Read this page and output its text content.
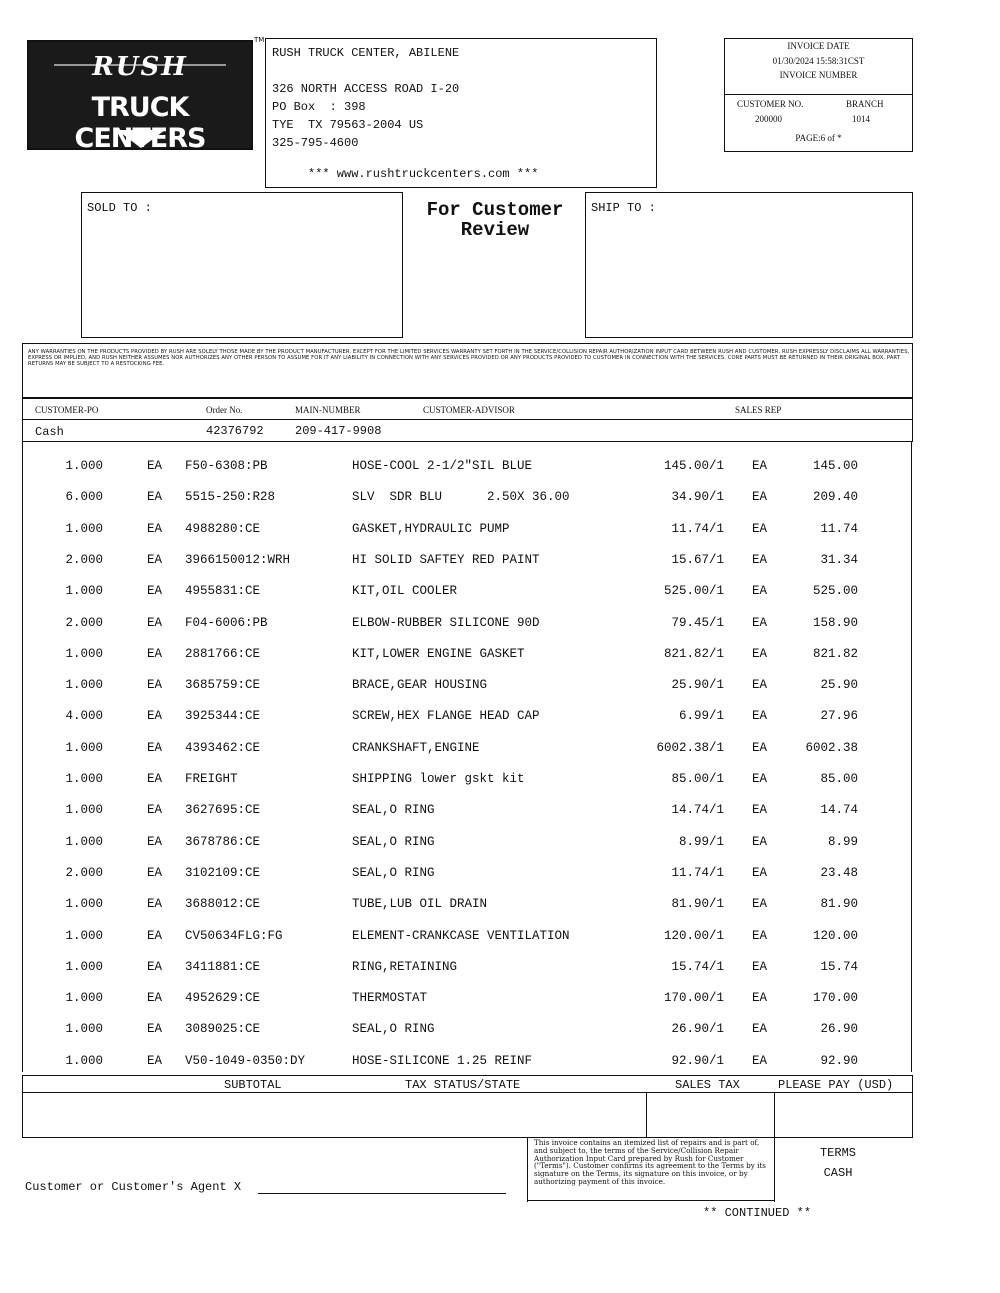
RUSH
TRUCK CENTERS
TM
RUSH TRUCK CENTER, ABILENE
326 NORTH ACCESS ROAD I-20
PO Box  : 398
TYE  TX 79563-2004 US
325-795-4600
*** www.rushtruckcenters.com ***
INVOICE DATE
01/30/2024 15:58:31CST
INVOICE NUMBER
CUSTOMER NO.	BRANCH
200000	1014
PAGE:6 of *
SOLD TO :	For Customer
Review
SHIP TO :
ANY WARRANTIES ON THE PRODUCTS PROVIDED BY RUSH ARE SOLELY THOSE MADE BY THE PRODUCT MANUFACTURER. EXCEPT FOR THE LIMITED SERVICES WARRANTY SET FORTH IN THE SERVICE/COLLISION REPAIR AUTHORIZATION INPUT CARD BETWEEN RUSH AND CUSTOMER, RUSH EXPRESSLY DISCLAIMS ALL WARRANTIES, EXPRESS OR IMPLIED, AND RUSH NEITHER ASSUMES NOR AUTHORIZES ANY OTHER PERSON TO ASSUME FOR IT ANY LIABILITY IN CONNECTION WITH ANY SERVICES PROVIDED OR ANY PRODUCTS PROVIDED TO CUSTOMER IN CONNECTION WITH THE SERVICES. CORE PARTS MUST BE RETURNED IN THEIR ORIGINAL BOX. PART RETURNS MAY BE SUBJECT TO A RESTOCKING FEE.
CUSTOMER-PO	Order No.	MAIN-NUMBER	CUSTOMER-ADVISOR	SALES REP
Cash	42376792	209-417-9908
1.000	EA F50-6308:PB	HOSE-COOL 2-1/2"SIL BLUE	145.00/1 EA	145.00
6.000	EA 5515-250:R28	SLV  SDR BLU      2.50X 36.00	34.90/1 EA	209.40
1.000	EA 4988280:CE	GASKET,HYDRAULIC PUMP	11.74/1 EA	11.74
2.000	EA 3966150012:WRH	HI SOLID SAFTEY RED PAINT	15.67/1 EA	31.34
1.000	EA 4955831:CE	KIT,OIL COOLER	525.00/1 EA	525.00
2.000	EA F04-6006:PB	ELBOW-RUBBER SILICONE 90D	79.45/1 EA	158.90
1.000	EA 2881766:CE	KIT,LOWER ENGINE GASKET	821.82/1 EA	821.82
1.000	EA 3685759:CE	BRACE,GEAR HOUSING	25.90/1 EA	25.90
4.000	EA 3925344:CE	SCREW,HEX FLANGE HEAD CAP	6.99/1 EA	27.96
1.000	EA 4393462:CE	CRANKSHAFT,ENGINE	6002.38/1 EA	6002.38
1.000	EA FREIGHT	SHIPPING lower gskt kit	85.00/1 EA	85.00
1.000	EA 3627695:CE	SEAL,O RING	14.74/1 EA	14.74
1.000	EA 3678786:CE	SEAL,O RING	8.99/1 EA	8.99
2.000	EA 3102109:CE	SEAL,O RING	11.74/1 EA	23.48
1.000	EA 3688012:CE	TUBE,LUB OIL DRAIN	81.90/1 EA	81.90
1.000	EA CV50634FLG:FG	ELEMENT-CRANKCASE VENTILATION	120.00/1 EA	120.00
1.000	EA 3411881:CE	RING,RETAINING	15.74/1 EA	15.74
1.000	EA 4952629:CE	THERMOSTAT	170.00/1 EA	170.00
1.000	EA 3089025:CE	SEAL,O RING	26.90/1 EA	26.90
1.000	EA V50-1049-0350:DY	HOSE-SILICONE 1.25 REINF	92.90/1 EA	92.90
SUBTOTAL	TAX STATUS/STATE	SALES TAX	PLEASE PAY (USD)
This invoice contains an itemized list of repairs and is part of, and subject to, the terms of the Service/Collision Repair Authorization Input Card prepared by Rush for Customer ("Terms"). Customer confirms its agreement to the Terms by its signature on the Terms, its signature on this invoice, or by authorizing payment of this invoice.
TERMS
CASH
Customer or Customer's Agent X
** CONTINUED **
